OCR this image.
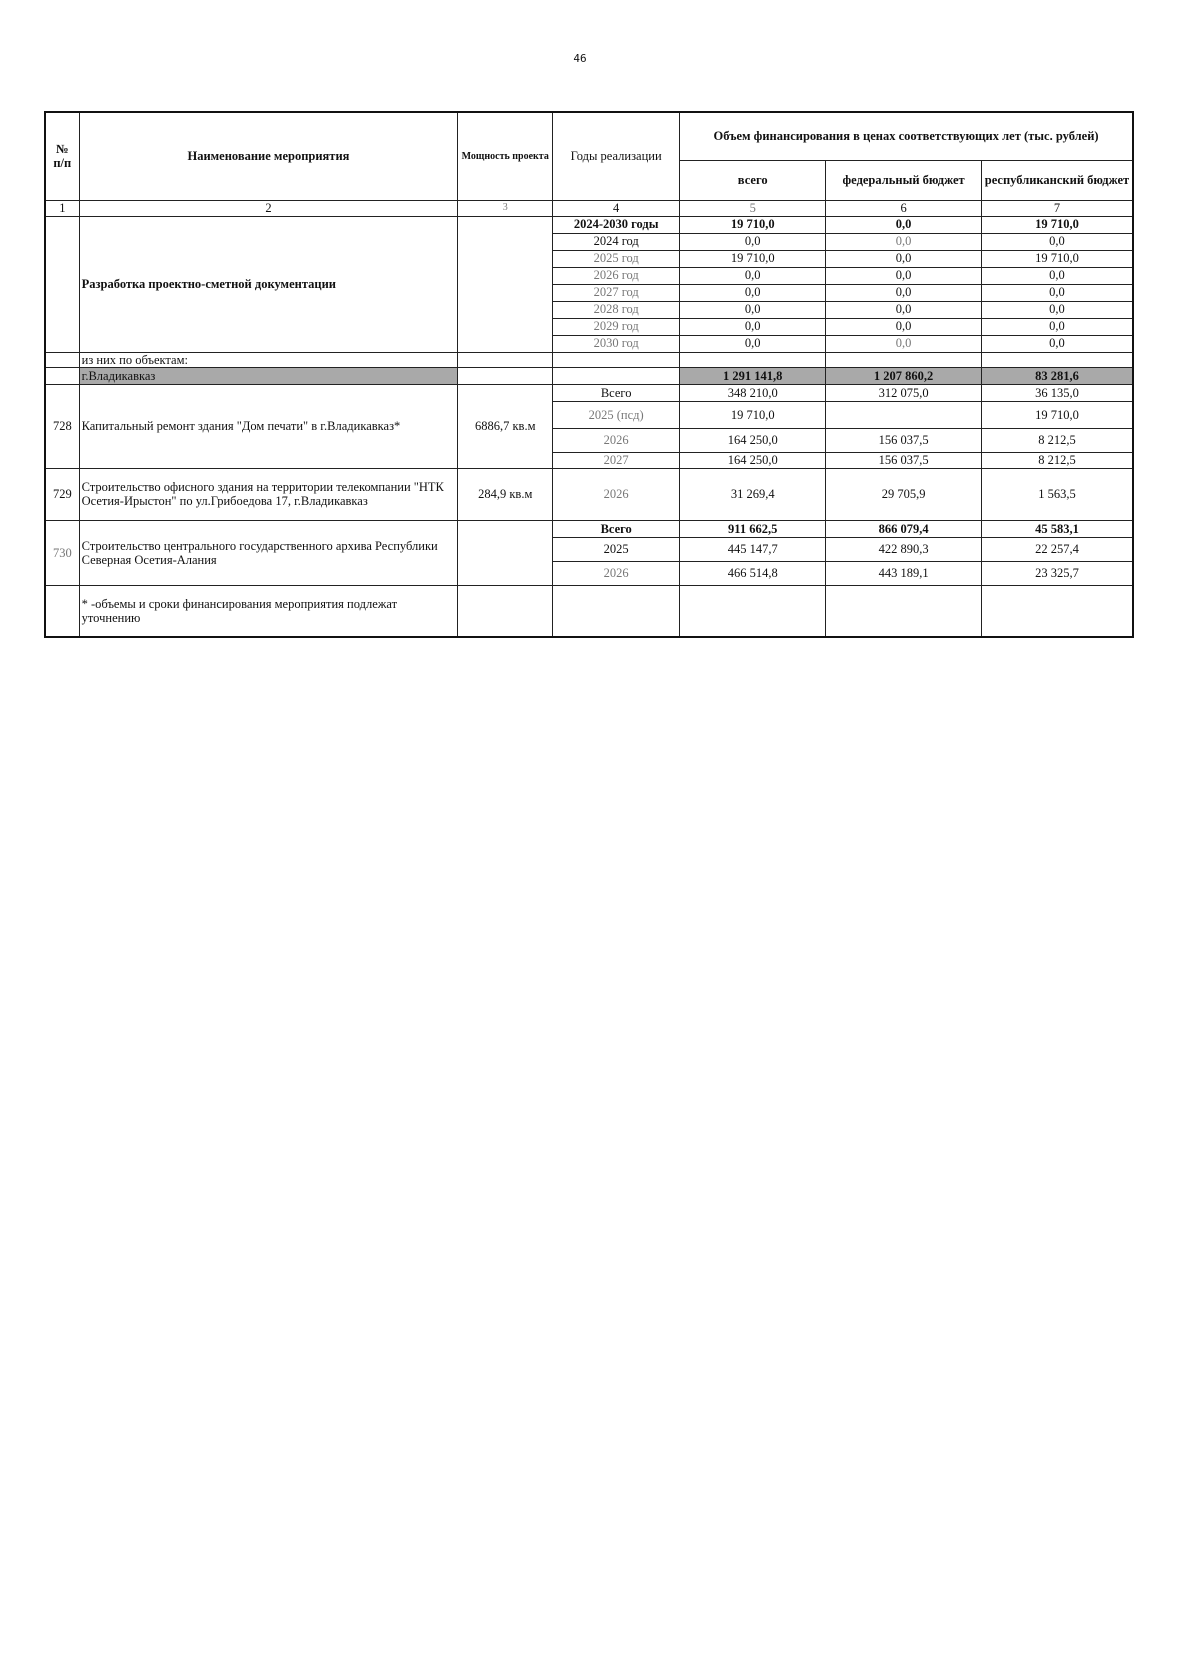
46
№
п/п	Наименование мероприятия	Мощность проекта	Годы реализации	Объем финансирования в ценах соответствующих лет (тыс. рублей)		
				всего	федеральный бюджет	республиканский бюджет
1	2	3	4	5	6	7
	Разработка проектно-сметной документации		2024-2030 годы	19 710,0	0,0	19 710,0
			2024 год	0,0	0,0	0,0
			2025 год	19 710,0	0,0	19 710,0
			2026 год	0,0	0,0	0,0
			2027 год	0,0	0,0	0,0
			2028 год	0,0	0,0	0,0
			2029 год	0,0	0,0	0,0
			2030 год	0,0	0,0	0,0
	из них по объектам:					
	г.Владикавказ			1 291 141,8	1 207 860,2	83 281,6
728	Капитальный ремонт здания "Дом печати" в г.Владикавказ*	6886,7 кв.м	Всего	348 210,0	312 075,0	36 135,0
			2025 (псд)	19 710,0		19 710,0
			2026	164 250,0	156 037,5	8 212,5
			2027	164 250,0	156 037,5	8 212,5
729	Строительство офисного здания на территории телекомпании "НТК Осетия-Ирыстон" по ул.Грибоедова 17, г.Владикавказ	284,9 кв.м	2026	31 269,4	29 705,9	1 563,5
730	Строительство центрального государственного архива Республики Северная Осетия-Алания		Всего	911 662,5	866 079,4	45 583,1
			2025	445 147,7	422 890,3	22 257,4
			2026	466 514,8	443 189,1	23 325,7
	* -объемы и сроки финансирования мероприятия подлежат уточнению					
